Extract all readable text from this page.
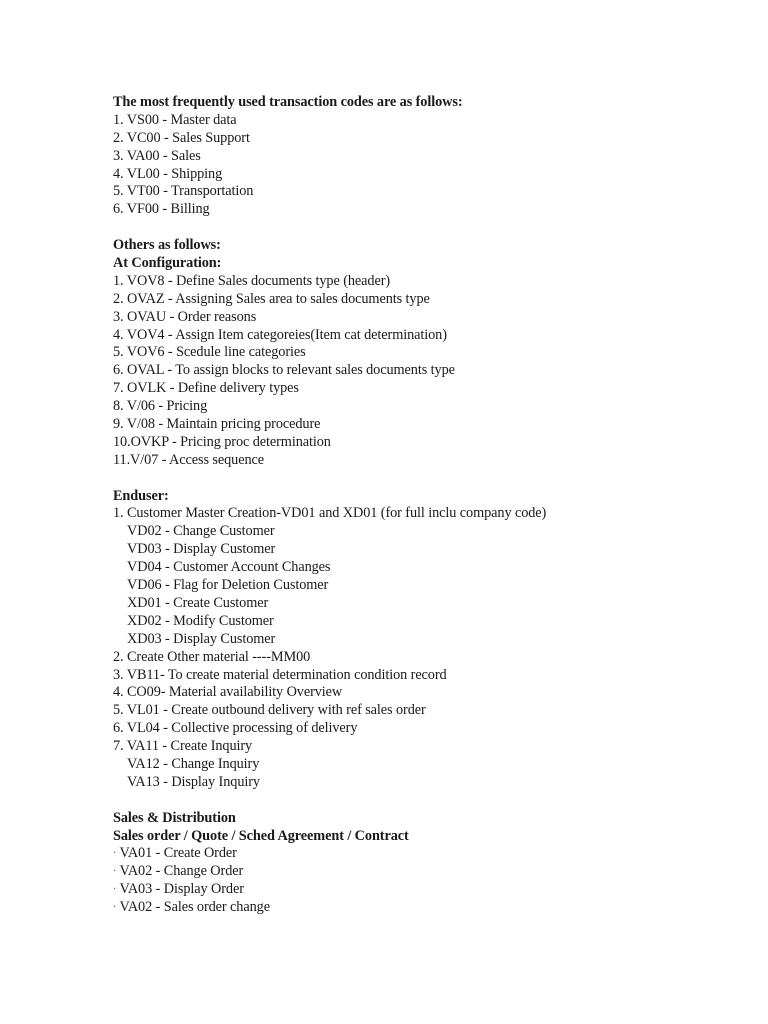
The most frequently used transaction codes are as follows:
1. VS00 - Master data
2. VC00 - Sales Support
3. VA00 - Sales
4. VL00 - Shipping
5. VT00 - Transportation
6. VF00 - Billing
Others as follows:
At Configuration:
1. VOV8 - Define Sales documents type (header)
2. OVAZ - Assigning Sales area to sales documents type
3. OVAU - Order reasons
4. VOV4 - Assign Item categoreies(Item cat determination)
5. VOV6 - Scedule line categories
6. OVAL - To assign blocks to relevant sales documents type
7. OVLK - Define delivery types
8. V/06 - Pricing
9. V/08 - Maintain pricing procedure
10.OVKP - Pricing proc determination
11.V/07 - Access sequence
Enduser:
1. Customer Master Creation-VD01 and XD01 (for full inclu company code)
VD02 - Change Customer
VD03 - Display Customer
VD04 - Customer Account Changes
VD06 - Flag for Deletion Customer
XD01 - Create Customer
XD02 - Modify Customer
XD03 - Display Customer
2. Create Other material ----MM00
3. VB11- To create material determination condition record
4. CO09- Material availability Overview
5. VL01 - Create outbound delivery with ref sales order
6. VL04 - Collective processing of delivery
7. VA11 - Create Inquiry
VA12 - Change Inquiry
VA13 - Display Inquiry
Sales & Distribution
Sales order / Quote / Sched Agreement / Contract
· VA01 - Create Order
· VA02 - Change Order
· VA03 - Display Order
· VA02 - Sales order change
